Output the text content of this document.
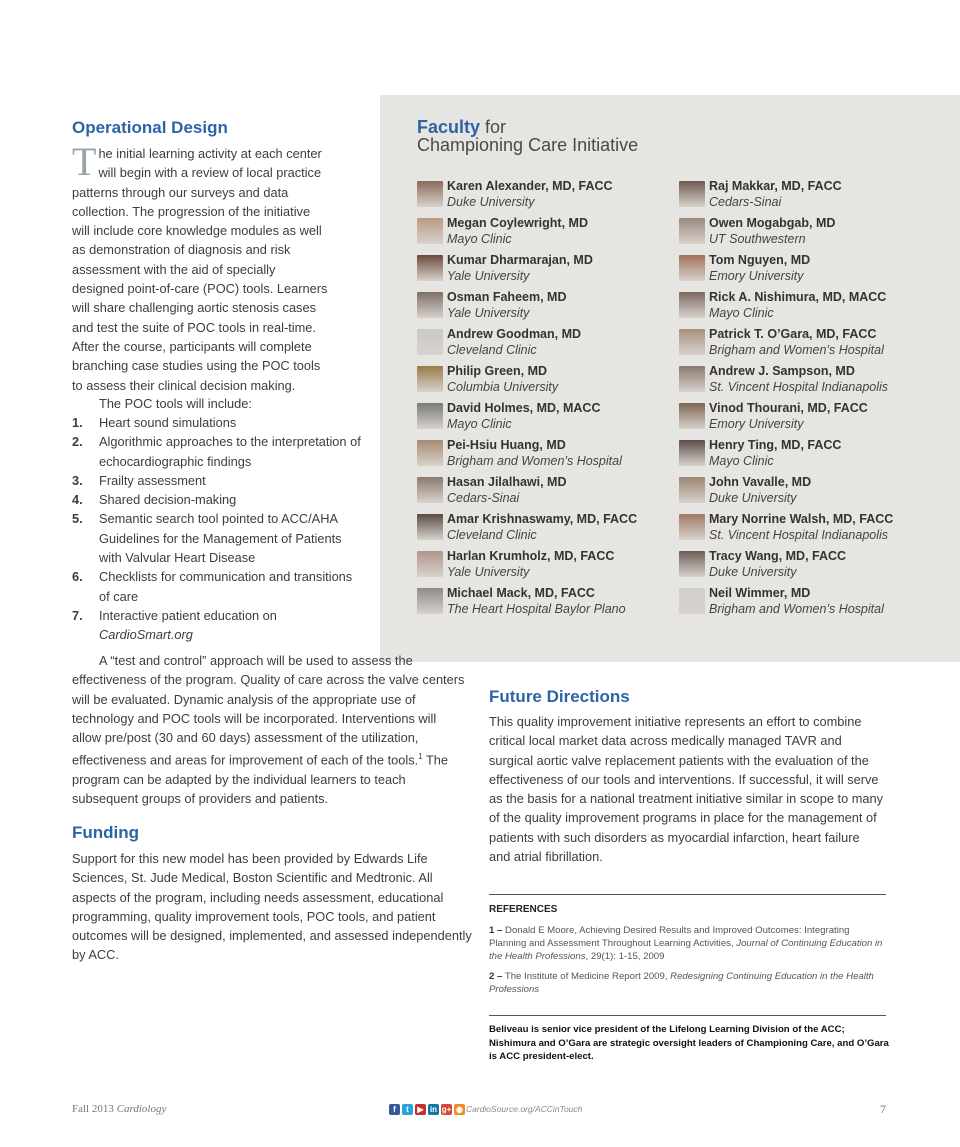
Faculty for
Championing Care Initiative
Karen Alexander, MD, FACC
Duke University
Megan Coylewright, MD
Mayo Clinic
Kumar Dharmarajan, MD
Yale University
Osman Faheem, MD
Yale University
Andrew Goodman, MD
Cleveland Clinic
Philip Green, MD
Columbia University
David Holmes, MD, MACC
Mayo Clinic
Pei-Hsiu Huang, MD
Brigham and Women’s Hospital
Hasan Jilalhawi, MD
Cedars-Sinai
Amar Krishnaswamy, MD, FACC
Cleveland Clinic
Harlan Krumholz, MD, FACC
Yale University
Michael Mack, MD, FACC
The Heart Hospital Baylor Plano
Raj Makkar, MD, FACC
Cedars-Sinai
Owen Mogabgab, MD
UT Southwestern
Tom Nguyen, MD
Emory University
Rick A. Nishimura, MD, MACC
Mayo Clinic
Patrick T. O’Gara, MD, FACC
Brigham and Women’s Hospital
Andrew J. Sampson, MD
St. Vincent Hospital Indianapolis
Vinod Thourani, MD, FACC
Emory University
Henry Ting, MD, FACC
Mayo Clinic
John Vavalle, MD
Duke University
Mary Norrine Walsh, MD, FACC
St. Vincent Hospital Indianapolis
Tracy Wang, MD, FACC
Duke University
Neil Wimmer, MD
Brigham and Women’s Hospital
Operational Design
The initial learning activity at each center will begin with a review of local practice patterns through our surveys and data collection. The progression of the initiative will include core knowledge modules as well as demonstration of diagnosis and risk assessment with the aid of specially designed point-of-care (POC) tools. Learners will share challenging aortic stenosis cases and test the suite of POC tools in real-time. After the course, participants will complete branching case studies using the POC tools to assess their clinical decision making.
The POC tools will include:
1. Heart sound simulations
2. Algorithmic approaches to the interpretation of echocardiographic findings
3. Frailty assessment
4. Shared decision-making
5. Semantic search tool pointed to ACC/AHA Guidelines for the Management of Patients with Valvular Heart Disease
6. Checklists for communication and transitions of care
7. Interactive patient education on
CardioSmart.org
A “test and control” approach will be used to assess the effectiveness of the program. Quality of care across the valve centers will be evaluated. Dynamic analysis of the appropriate use of technology and POC tools will be incorporated. Interventions will allow pre/post (30 and 60 days) assessment of the utilization, effectiveness and areas for improvement of each of the tools.$^1$ The program can be adapted by the individual learners to teach subsequent groups of providers and patients.
Funding
Support for this new model has been provided by Edwards Life Sciences, St. Jude Medical, Boston Scientific and Medtronic. All aspects of the program, including needs assessment, educational programming, quality improvement tools, POC tools, and patient outcomes will be designed, implemented, and assessed independently by ACC.
Future Directions
This quality improvement initiative represents an effort to combine critical local market data across medically managed TAVR and surgical aortic valve replacement patients with the evaluation of the effectiveness of our tools and interventions. If successful, it will serve as the basis for a national treatment initiative similar in scope to many of the quality improvement programs in place for the management of patients with such disorders as myocardial infarction, heart failure and atrial fibrillation.
REFERENCES
1 – Donald E Moore, Achieving Desired Results and Improved Outcomes: Integrating Planning and Assessment Throughout Learning Activities, Journal of Continuing Education in the Health Professions, 29(1): 1-15, 2009
2 – The Institute of Medicine Report 2009, Redesigning Continuing Education in the Health Professions
Beliveau is senior vice president of the Lifelong Learning Division of the ACC; Nishimura and O’Gara are strategic oversight leaders of Championing Care, and O’Gara is ACC president-elect.
Fall 2013 Cardiology	f	t	▶ in g+ ◉ CardioSource.org/ACCinTouch	7
